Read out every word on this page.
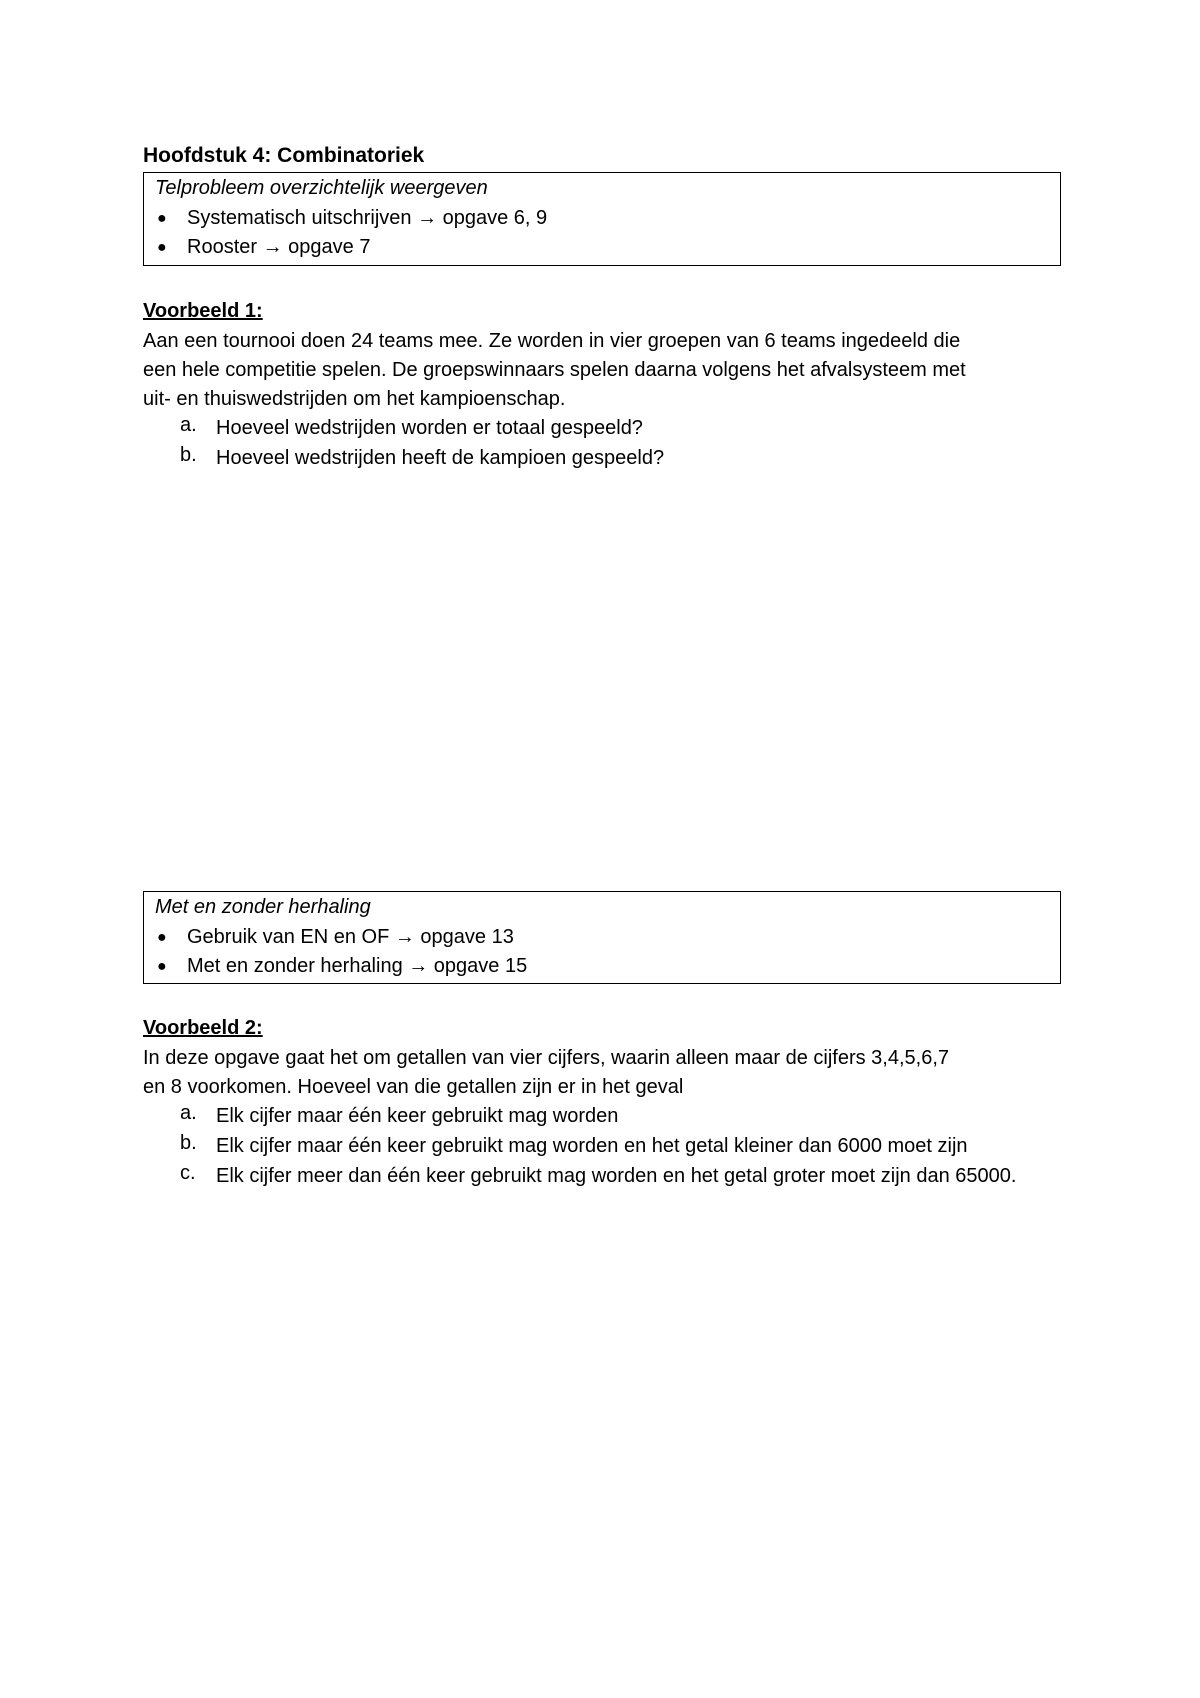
Hoofdstuk 4: Combinatoriek
Telprobleem overzichtelijk weergeven
●	Systematisch uitschrijven → opgave 6, 9
●	Rooster → opgave 7
Voorbeeld 1:
Aan een tournooi doen 24 teams mee. Ze worden in vier groepen van 6 teams ingedeeld die
een hele competitie spelen. De groepswinnaars spelen daarna volgens het afvalsysteem met
uit- en thuiswedstrijden om het kampioenschap.
a. Hoeveel wedstrijden worden er totaal gespeeld?
b. Hoeveel wedstrijden heeft de kampioen gespeeld?
Met en zonder herhaling
●	Gebruik van EN en OF → opgave 13
●	Met en zonder herhaling → opgave 15
Voorbeeld 2:
In deze opgave gaat het om getallen van vier cijfers, waarin alleen maar de cijfers 3,4,5,6,7
en 8 voorkomen. Hoeveel van die getallen zijn er in het geval
a. Elk cijfer maar één keer gebruikt mag worden
b. Elk cijfer maar één keer gebruikt mag worden en het getal kleiner dan 6000 moet zijn
c.	Elk cijfer meer dan één keer gebruikt mag worden en het getal groter moet zijn dan 65000.
